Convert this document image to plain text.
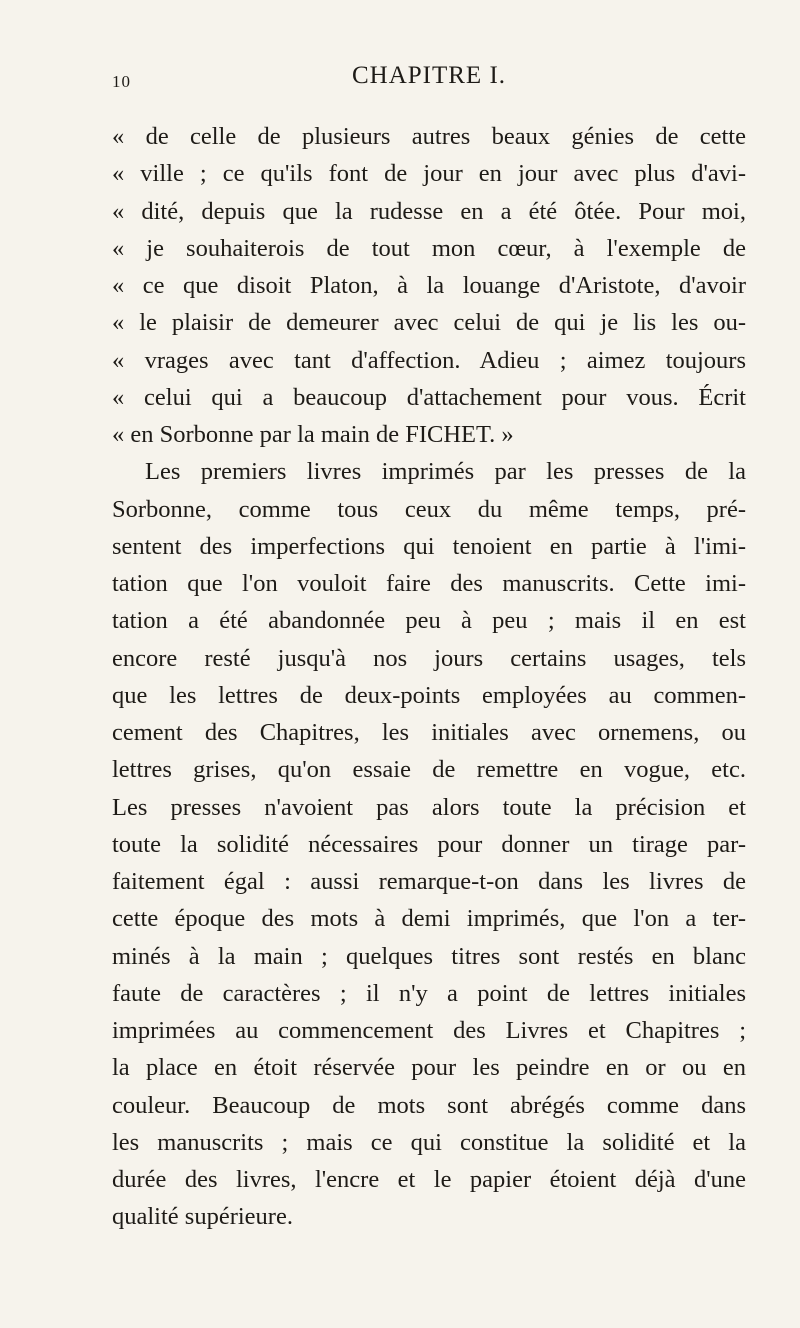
10	CHAPITRE I.
« de celle de plusieurs autres beaux génies de cette
« ville ; ce qu'ils font de jour en jour avec plus d'avi-
« dité, depuis que la rudesse en a été ôtée. Pour moi,
« je souhaiterois de tout mon cœur, à l'exemple de
« ce que disoit Platon, à la louange d'Aristote, d'avoir
« le plaisir de demeurer avec celui de qui je lis les ou-
« vrages avec tant d'affection. Adieu ; aimez toujours
« celui qui a beaucoup d'attachement pour vous. Écrit
« en Sorbonne par la main de FICHET. »
Les premiers livres imprimés par les presses de la
Sorbonne, comme tous ceux du même temps, pré-
sentent des imperfections qui tenoient en partie à l'imi-
tation que l'on vouloit faire des manuscrits. Cette imi-
tation a été abandonnée peu à peu ; mais il en est
encore resté jusqu'à nos jours certains usages, tels
que les lettres de deux-points employées au commen-
cement des Chapitres, les initiales avec ornemens, ou
lettres grises, qu'on essaie de remettre en vogue, etc.
Les presses n'avoient pas alors toute la précision et
toute la solidité nécessaires pour donner un tirage par-
faitement égal : aussi remarque-t-on dans les livres de
cette époque des mots à demi imprimés, que l'on a ter-
minés à la main ; quelques titres sont restés en blanc
faute de caractères ; il n'y a point de lettres initiales
imprimées au commencement des Livres et Chapitres ;
la place en étoit réservée pour les peindre en or ou en
couleur. Beaucoup de mots sont abrégés comme dans
les manuscrits ; mais ce qui constitue la solidité et la
durée des livres, l'encre et le papier étoient déjà d'une
qualité supérieure.
